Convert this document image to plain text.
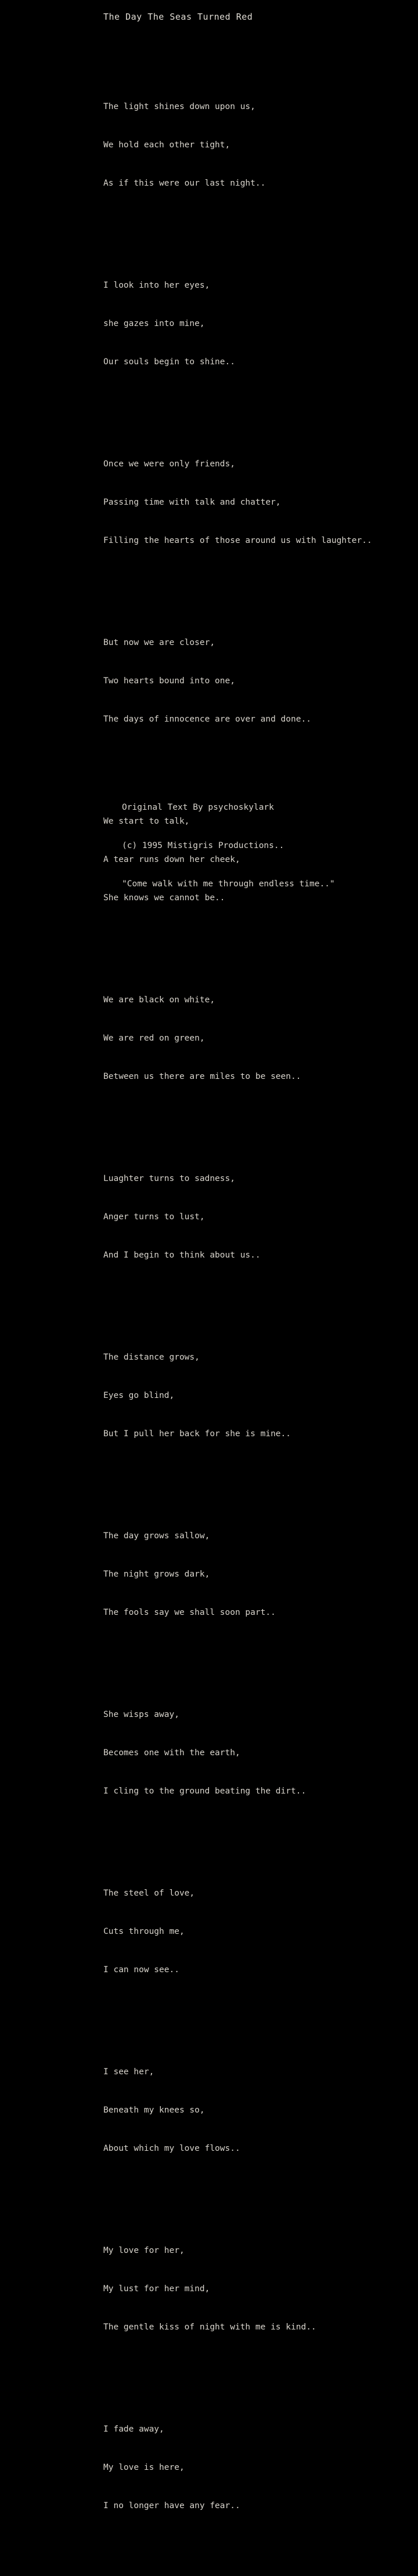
The Day The Seas Turned Red

The light shines down upon us,

We hold each other tight,

As if this were our last night..

I look into her eyes,

she gazes into mine,

Our souls begin to shine..

Once we were only friends,

Passing time with talk and chatter,

Filling the hearts of those around us with laughter..

But now we are closer,

Two hearts bound into one,

The days of innocence are over and done..

We start to talk,

A tear runs down her cheek,

She knows we cannot be..

We are black on white,

We are red on green,

Between us there are miles to be seen..

Luaghter turns to sadness,

Anger turns to lust,

And I begin to think about us..

The distance grows,

Eyes go blind,

But I pull her back for she is mine..

The day grows sallow,

The night grows dark,

The fools say we shall soon part..

She wisps away,

Becomes one with the earth,

I cling to the ground beating the dirt..

The steel of love,

Cuts through me,

I can now see..

I see her,

Beneath my knees so,

About which my love flows..

My love for her,

My lust for her mind,

The gentle kiss of night with me is kind..

I fade away,

My love is here,

I no longer have any fear..

Original Text By psychoskylark

(c) 1995 Mistigris Productions..

"Come walk with me through endless time.."
